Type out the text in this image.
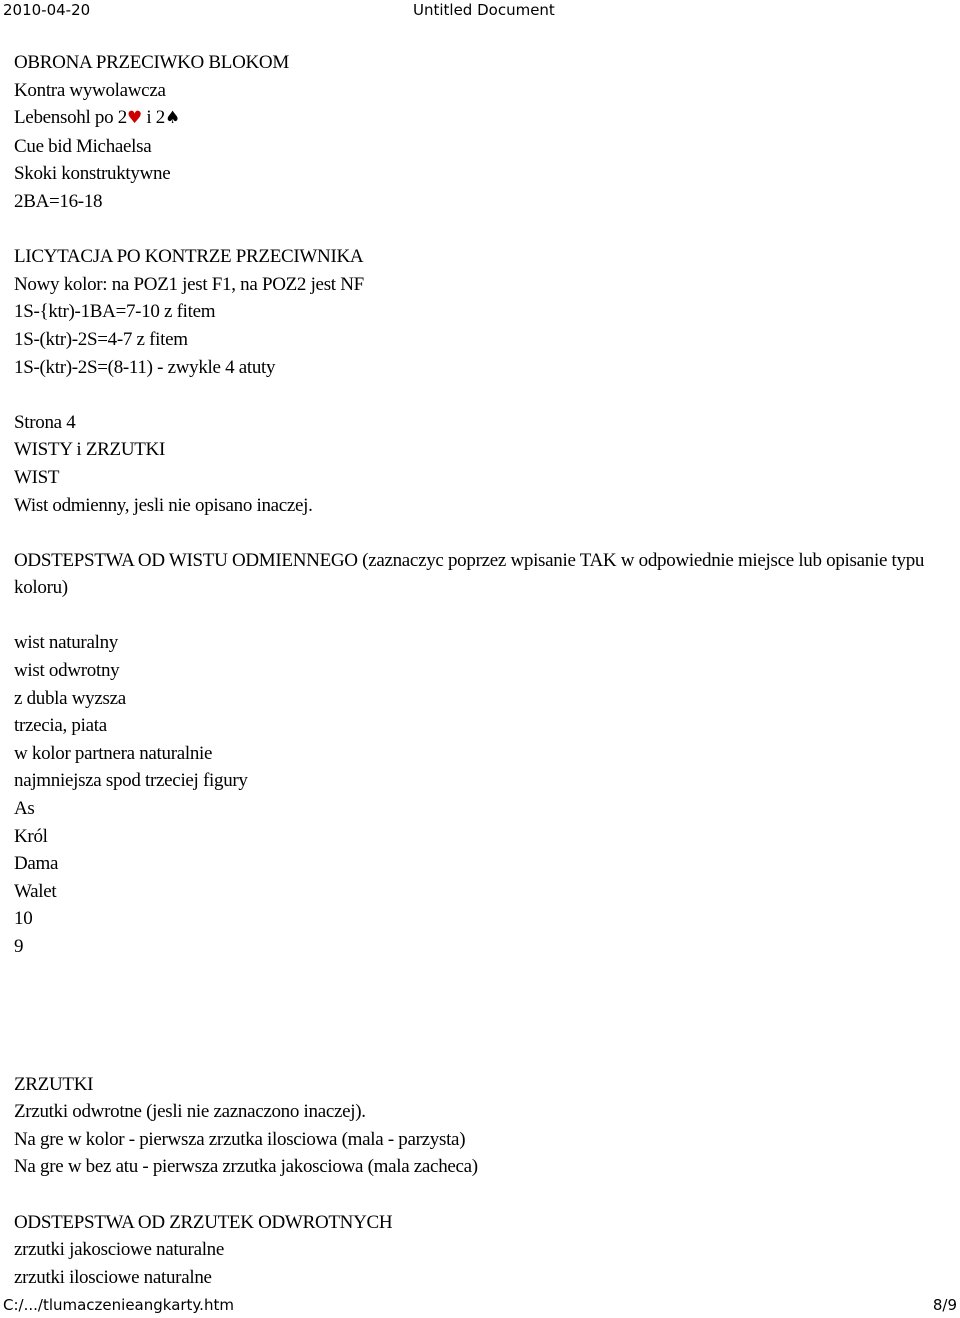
2010-04-20	Untitled Document

OBRONA PRZECIWKO BLOKOM

Kontra wywolawcza

Lebensohl po 2♥ i 2♠

Cue bid Michaelsa

Skoki konstruktywne

2BA=16-18

LICYTACJA PO KONTRZE PRZECIWNIKA

Nowy kolor: na POZ1 jest F1, na POZ2 jest NF

1S-{ktr)-1BA=7-10 z fitem

1S-(ktr)-2S=4-7 z fitem

1S-(ktr)-2S=(8-11) - zwykle 4 atuty

Strona 4

WISTY i ZRZUTKI

WIST

Wist odmienny, jesli nie opisano inaczej.

ODSTEPSTWA OD WISTU ODMIENNEGO (zaznaczyc poprzez wpisanie TAK w odpowiednie miejsce lub opisanie typu koloru)

wist naturalny

wist odwrotny

z dubla wyzsza

trzecia, piata

w kolor partnera naturalnie

najmniejsza spod trzeciej figury

As

Król

Dama

Walet

10

9

ZRZUTKI

Zrzutki odwrotne (jesli nie zaznaczono inaczej).

Na gre w kolor - pierwsza zrzutka ilosciowa (mala - parzysta)

Na gre w bez atu - pierwsza zrzutka jakosciowa (mala zacheca)

ODSTEPSTWA OD ZRZUTEK ODWROTNYCH

zrzutki jakosciowe naturalne

zrzutki ilosciowe naturalne

C:/.../tlumaczenieangkarty.htm	8/9
